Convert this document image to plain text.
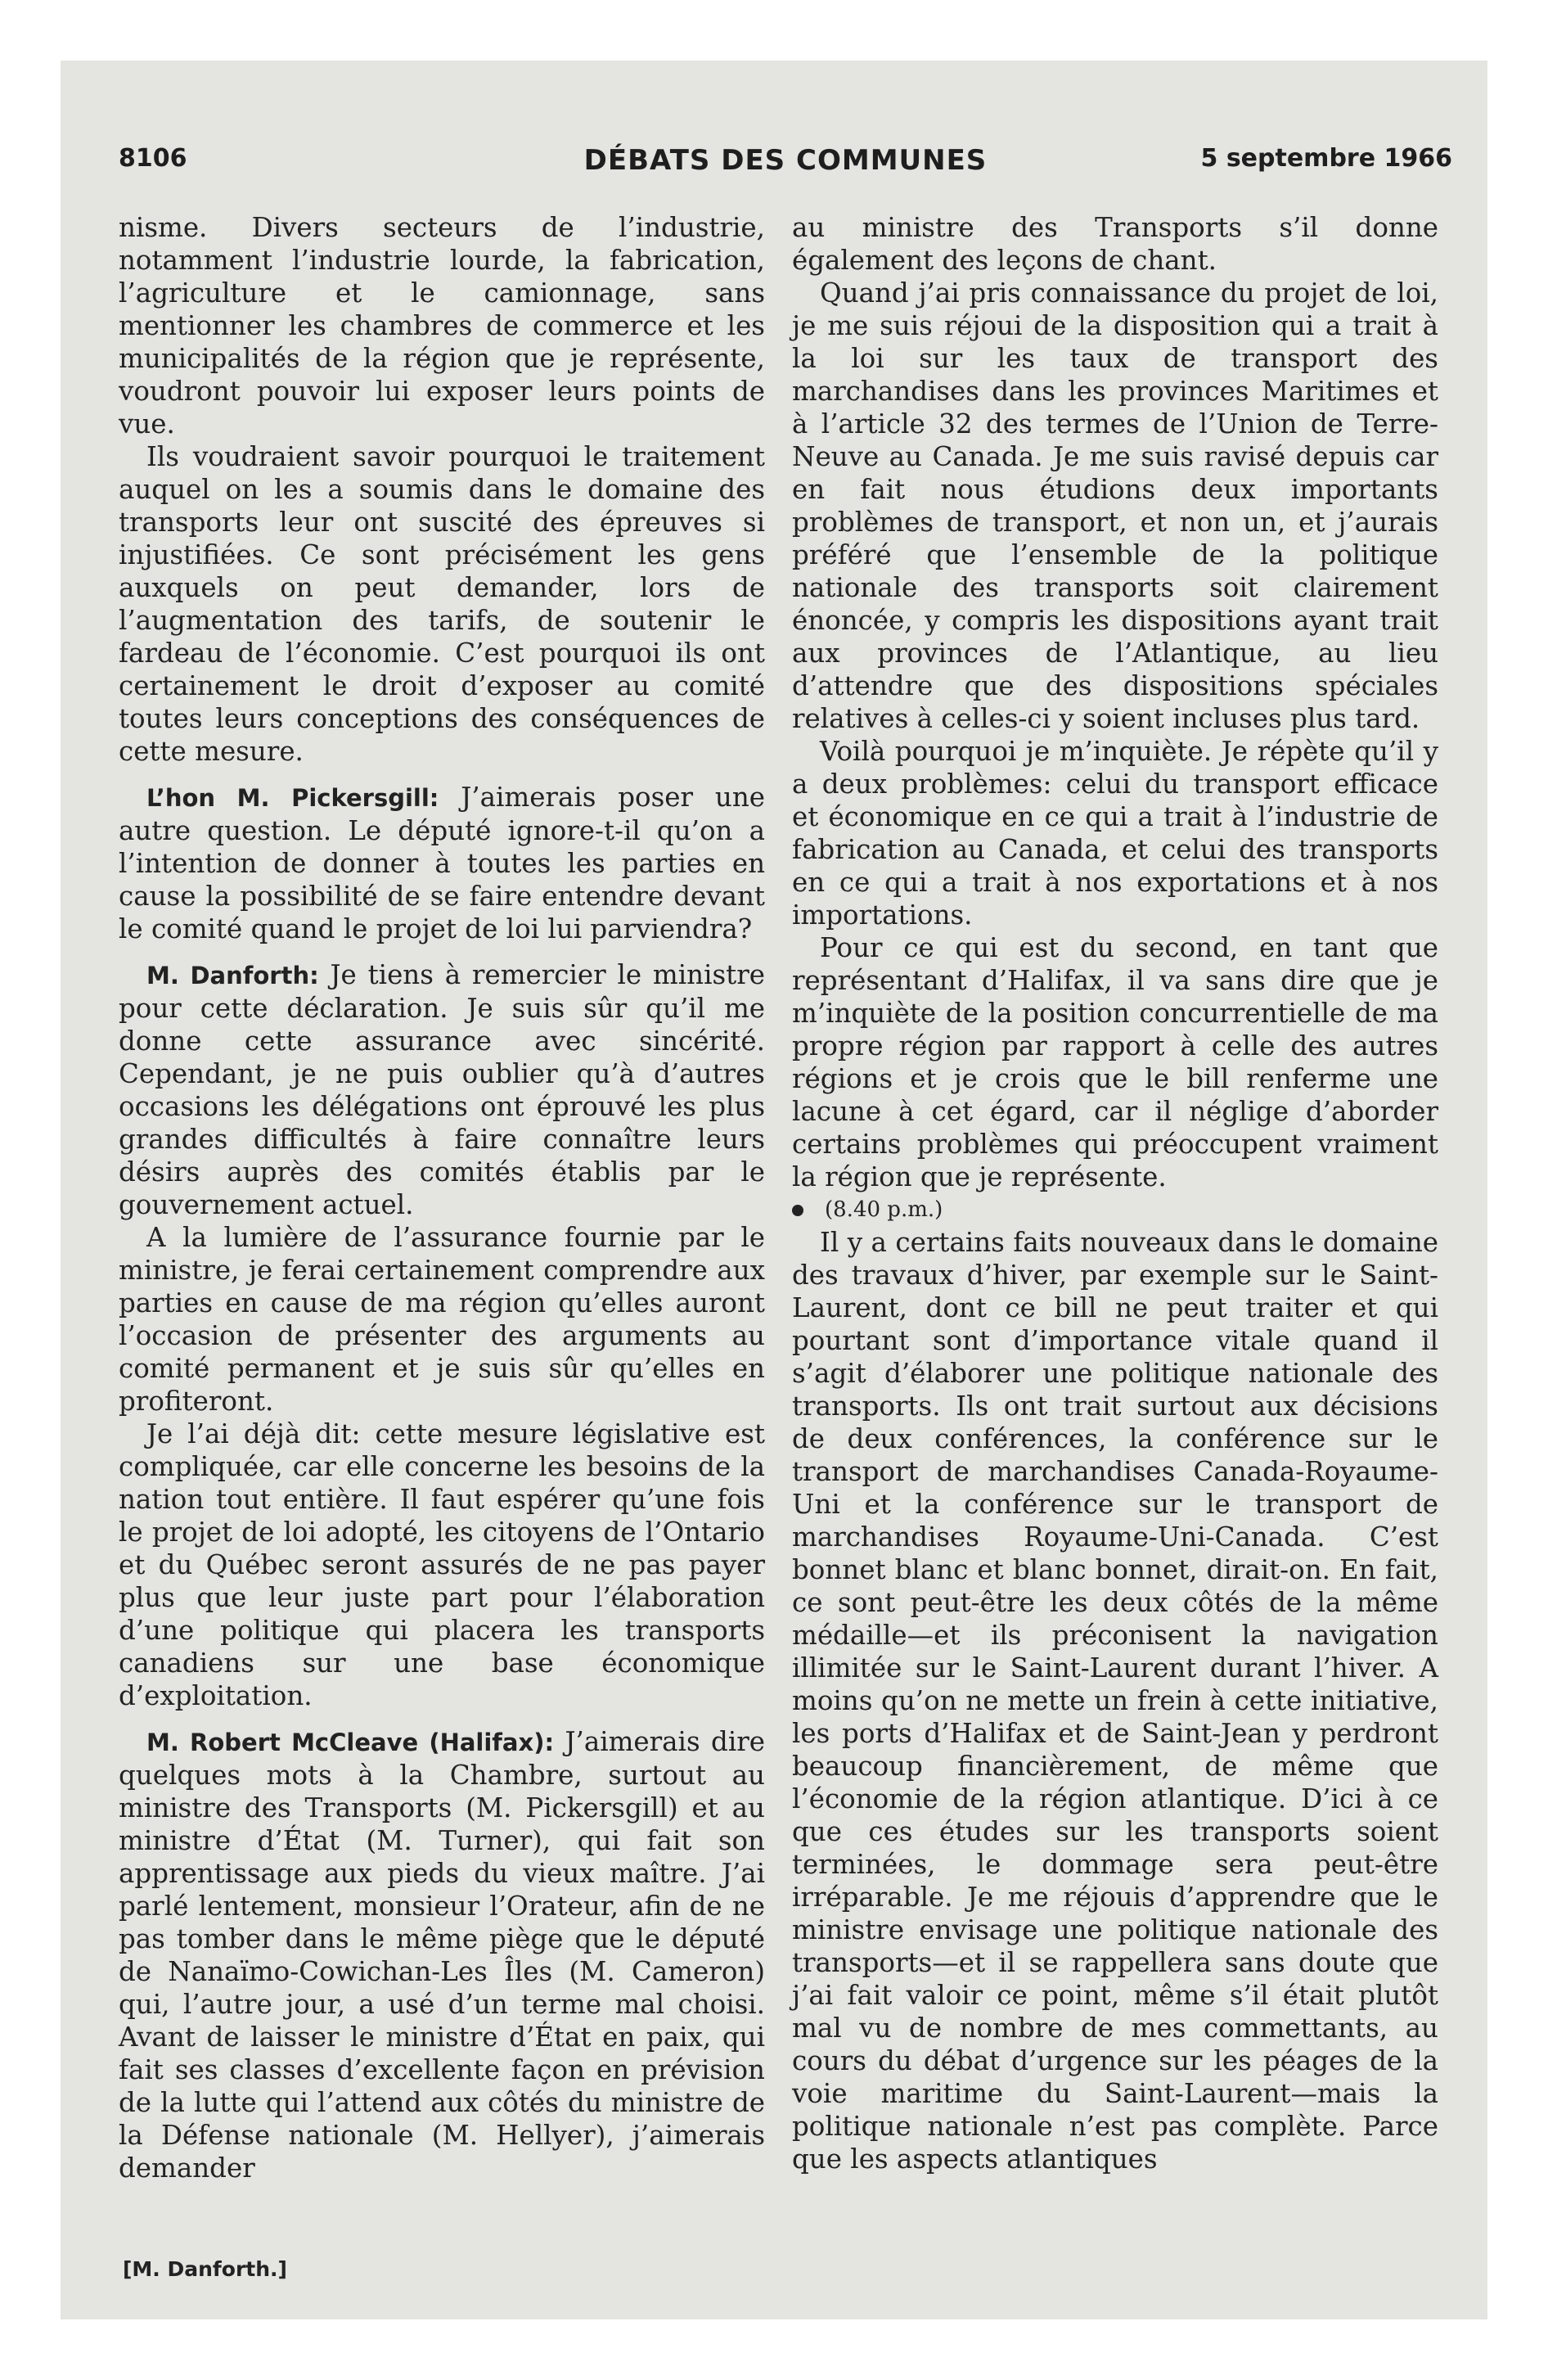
8106	DÉBATS DES COMMUNES	5 septembre 1966

nisme. Divers secteurs de l’industrie, notamment l’industrie lourde, la fabrication, l’agriculture et le camionnage, sans mentionner les chambres de commerce et les municipalités de la région que je représente, voudront pouvoir lui exposer leurs points de vue.

Ils voudraient savoir pourquoi le traitement auquel on les a soumis dans le domaine des transports leur ont suscité des épreuves si injustifiées. Ce sont précisément les gens auxquels on peut demander, lors de l’augmentation des tarifs, de soutenir le fardeau de l’économie. C’est pourquoi ils ont certainement le droit d’exposer au comité toutes leurs conceptions des conséquences de cette mesure.

L’hon M. Pickersgill: J’aimerais poser une autre question. Le député ignore-t-il qu’on a l’intention de donner à toutes les parties en cause la possibilité de se faire entendre devant le comité quand le projet de loi lui parviendra?

M. Danforth: Je tiens à remercier le ministre pour cette déclaration. Je suis sûr qu’il me donne cette assurance avec sincérité. Cependant, je ne puis oublier qu’à d’autres occasions les délégations ont éprouvé les plus grandes difficultés à faire connaître leurs désirs auprès des comités établis par le gouvernement actuel.

A la lumière de l’assurance fournie par le ministre, je ferai certainement comprendre aux parties en cause de ma région qu’elles auront l’occasion de présenter des arguments au comité permanent et je suis sûr qu’elles en profiteront.

Je l’ai déjà dit: cette mesure législative est compliquée, car elle concerne les besoins de la nation tout entière. Il faut espérer qu’une fois le projet de loi adopté, les citoyens de l’Ontario et du Québec seront assurés de ne pas payer plus que leur juste part pour l’élaboration d’une politique qui placera les transports canadiens sur une base économique d’exploitation.

M. Robert McCleave (Halifax): J’aimerais dire quelques mots à la Chambre, surtout au ministre des Transports (M. Pickersgill) et au ministre d’État (M. Turner), qui fait son apprentissage aux pieds du vieux maître. J’ai parlé lentement, monsieur l’Orateur, afin de ne pas tomber dans le même piège que le député de Nanaïmo-Cowichan-Les Îles (M. Cameron) qui, l’autre jour, a usé d’un terme mal choisi. Avant de laisser le ministre d’État en paix, qui fait ses classes d’excellente façon en prévision de la lutte qui l’attend aux côtés du ministre de la Défense nationale (M. Hellyer), j’aimerais demander

au ministre des Transports s’il donne également des leçons de chant.

Quand j’ai pris connaissance du projet de loi, je me suis réjoui de la disposition qui a trait à la loi sur les taux de transport des marchandises dans les provinces Maritimes et à l’article 32 des termes de l’Union de Terre-Neuve au Canada. Je me suis ravisé depuis car en fait nous étudions deux importants problèmes de transport, et non un, et j’aurais préféré que l’ensemble de la politique nationale des transports soit clairement énoncée, y compris les dispositions ayant trait aux provinces de l’Atlantique, au lieu d’attendre que des dispositions spéciales relatives à celles-ci y soient incluses plus tard.

Voilà pourquoi je m’inquiète. Je répète qu’il y a deux problèmes: celui du transport efficace et économique en ce qui a trait à l’industrie de fabrication au Canada, et celui des transports en ce qui a trait à nos exportations et à nos importations.

Pour ce qui est du second, en tant que représentant d’Halifax, il va sans dire que je m’inquiète de la position concurrentielle de ma propre région par rapport à celle des autres régions et je crois que le bill renferme une lacune à cet égard, car il néglige d’aborder certains problèmes qui préoccupent vraiment la région que je représente.

(8.40 p.m.)

Il y a certains faits nouveaux dans le domaine des travaux d’hiver, par exemple sur le Saint-Laurent, dont ce bill ne peut traiter et qui pourtant sont d’importance vitale quand il s’agit d’élaborer une politique nationale des transports. Ils ont trait surtout aux décisions de deux conférences, la conférence sur le transport de marchandises Canada-Royaume-Uni et la conférence sur le transport de marchandises Royaume-Uni-Canada. C’est bonnet blanc et blanc bonnet, dirait-on. En fait, ce sont peut-être les deux côtés de la même médaille—et ils préconisent la navigation illimitée sur le Saint-Laurent durant l’hiver. A moins qu’on ne mette un frein à cette initiative, les ports d’Halifax et de Saint-Jean y perdront beaucoup financièrement, de même que l’économie de la région atlantique. D’ici à ce que ces études sur les transports soient terminées, le dommage sera peut-être irréparable. Je me réjouis d’apprendre que le ministre envisage une politique nationale des transports—et il se rappellera sans doute que j’ai fait valoir ce point, même s’il était plutôt mal vu de nombre de mes commettants, au cours du débat d’urgence sur les péages de la voie maritime du Saint-Laurent—mais la politique nationale n’est pas complète. Parce que les aspects atlantiques

[M. Danforth.]
